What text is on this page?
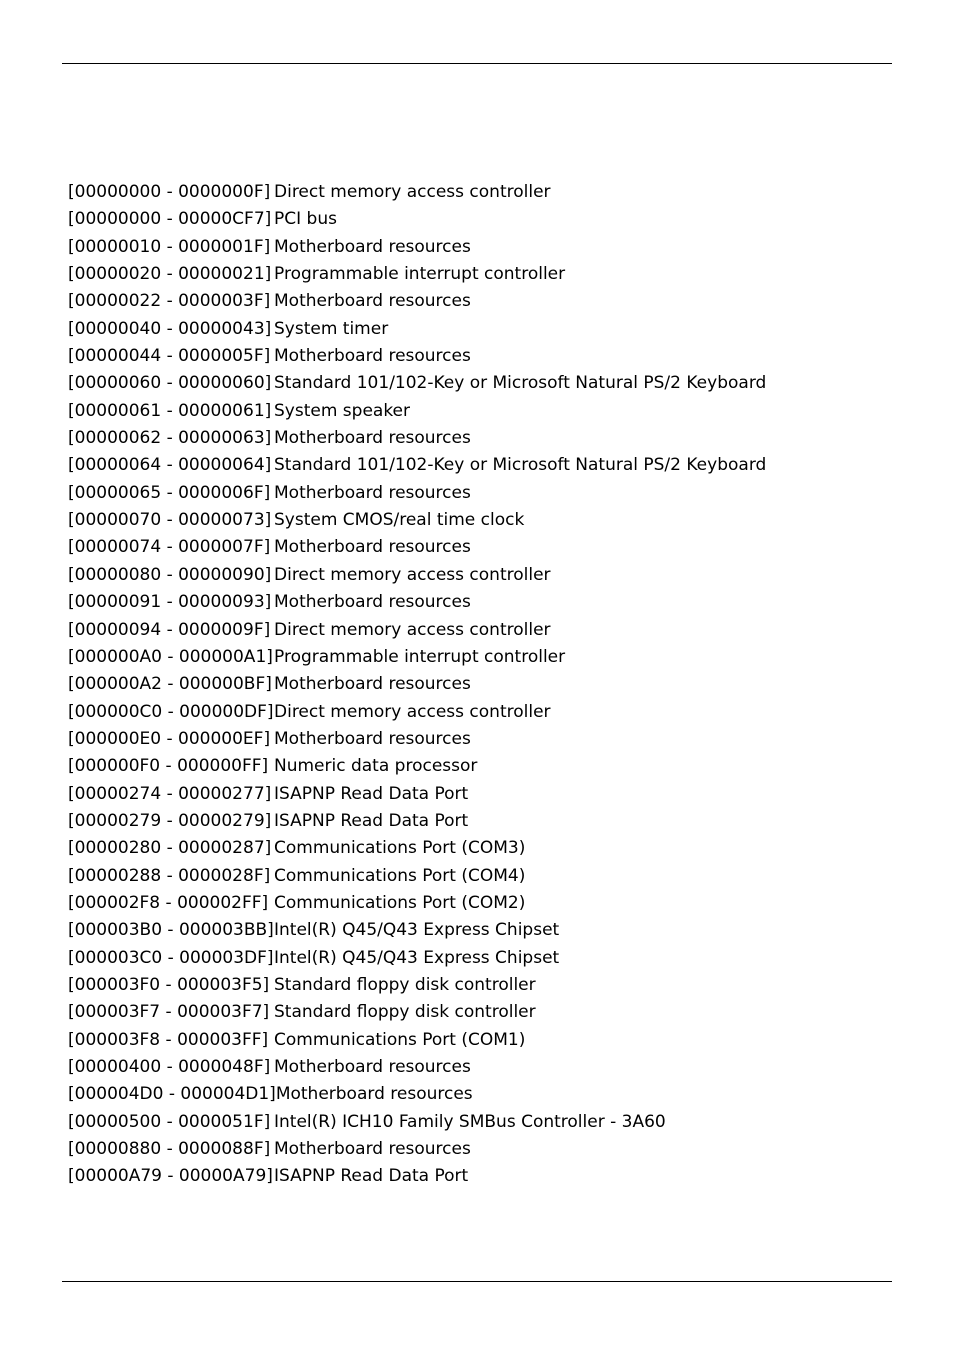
[00000000 - 0000000F] Direct memory access controller
[00000000 - 00000CF7] PCI bus
[00000010 - 0000001F] Motherboard resources
[00000020 - 00000021] Programmable interrupt controller
[00000022 - 0000003F] Motherboard resources
[00000040 - 00000043] System timer
[00000044 - 0000005F] Motherboard resources
[00000060 - 00000060] Standard 101/102-Key or Microsoft Natural PS/2 Keyboard
[00000061 - 00000061] System speaker
[00000062 - 00000063] Motherboard resources
[00000064 - 00000064] Standard 101/102-Key or Microsoft Natural PS/2 Keyboard
[00000065 - 0000006F] Motherboard resources
[00000070 - 00000073] System CMOS/real time clock
[00000074 - 0000007F] Motherboard resources
[00000080 - 00000090] Direct memory access controller
[00000091 - 00000093] Motherboard resources
[00000094 - 0000009F] Direct memory access controller
[000000A0 - 000000A1]Programmable interrupt controller
[000000A2 - 000000BF] Motherboard resources
[000000C0 - 000000DF]Direct memory access controller
[000000E0 - 000000EF] Motherboard resources
[000000F0 - 000000FF] Numeric data processor
[00000274 - 00000277] ISAPNP Read Data Port
[00000279 - 00000279] ISAPNP Read Data Port
[00000280 - 00000287] Communications Port (COM3)
[00000288 - 0000028F] Communications Port (COM4)
[000002F8 - 000002FF] Communications Port (COM2)
[000003B0 - 000003BB]Intel(R) Q45/Q43 Express Chipset
[000003C0 - 000003DF]Intel(R) Q45/Q43 Express Chipset
[000003F0 - 000003F5] Standard floppy disk controller
[000003F7 - 000003F7] Standard floppy disk controller
[000003F8 - 000003FF] Communications Port (COM1)
[00000400 - 0000048F] Motherboard resources
[000004D0 - 000004D1]Motherboard resources
[00000500 - 0000051F] Intel(R) ICH10 Family SMBus Controller - 3A60
[00000880 - 0000088F] Motherboard resources
[00000A79 - 00000A79]ISAPNP Read Data Port
